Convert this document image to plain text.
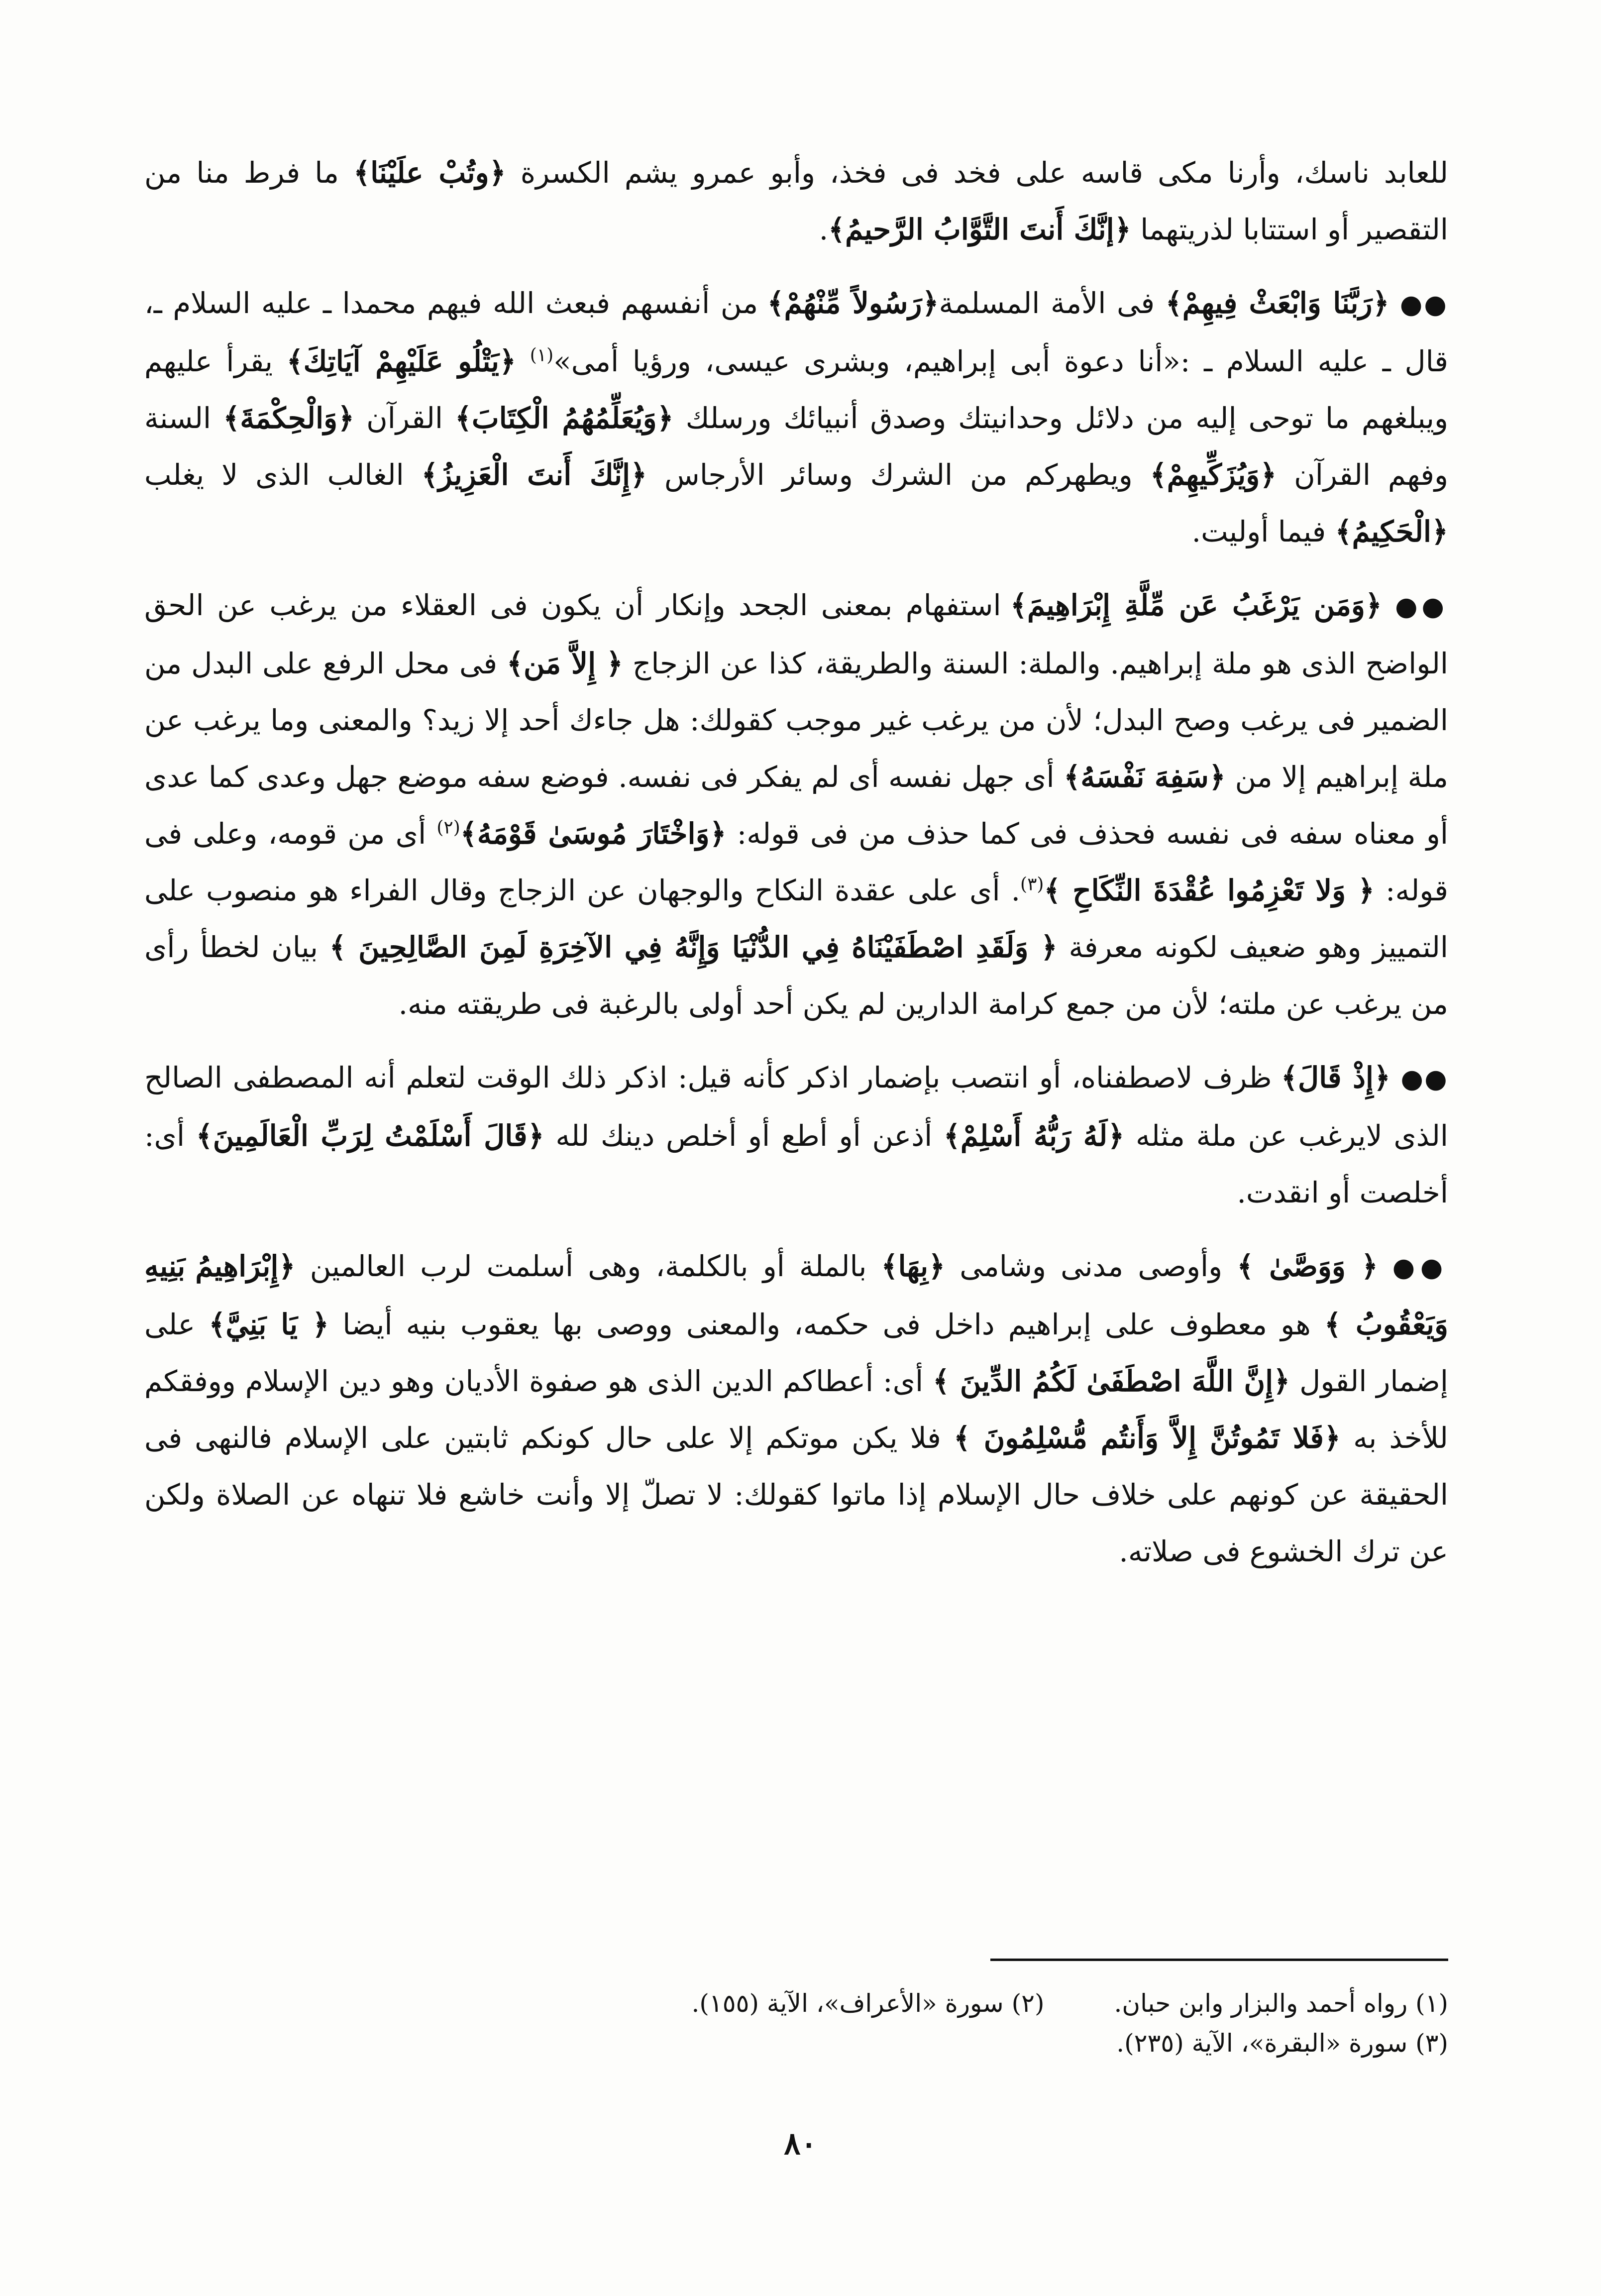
للعابد ناسك، وأرنا مكى قاسه على فخد فى فخذ، وأبو عمرو يشم الكسرة ﴿وتُبْ علَيْنَا﴾ ما فرط منا من التقصير أو استتابا لذريتهما ﴿إنَّكَ أَنتَ التَّوَّابُ الرَّحيمُ﴾.

●● ﴿رَبَّنَا وَابْعَثْ فِيهِمْ﴾ فى الأمة المسلمة﴿رَسُولاً مِّنْهُمْ﴾ من أنفسهم فبعث الله فيهم محمدا ـ عليه السلام ـ، قال ـ عليه السلام ـ :«أنا دعوة أبى إبراهيم، وبشرى عيسى، ورؤيا أمى»$^{(١)}$ ﴿يَتْلُو عَلَيْهِمْ آيَاتِكَ﴾ يقرأ عليهم ويبلغهم ما توحى إليه من دلائل وحدانيتك وصدق أنبيائك ورسلك ﴿وَيُعَلِّمُهُمُ الْكِتَابَ﴾ القرآن ﴿وَالْحِكْمَةَ﴾ السنة وفهم القرآن ﴿وَيُزَكِّيهِمْ﴾ ويطهركم من الشرك وسائر الأرجاس ﴿إِنَّكَ أَنتَ الْعَزِيزُ﴾ الغالب الذى لا يغلب ﴿الْحَكِيمُ﴾ فيما أوليت.

●● ﴿وَمَن يَرْغَبُ عَن مِّلَّةِ إِبْرَاهِيمَ﴾ استفهام بمعنى الجحد وإنكار أن يكون فى العقلاء من يرغب عن الحق الواضح الذى هو ملة إبراهيم. والملة: السنة والطريقة، كذا عن الزجاج ﴿ إِلاَّ مَن﴾ فى محل الرفع على البدل من الضمير فى يرغب وصح البدل؛ لأن من يرغب غير موجب كقولك: هل جاءك أحد إلا زيد؟ والمعنى وما يرغب عن ملة إبراهيم إلا من ﴿سَفِهَ نَفْسَهُ﴾ أى جهل نفسه أى لم يفكر فى نفسه. فوضع سفه موضع جهل وعدى كما عدى أو معناه سفه فى نفسه فحذف فى كما حذف من فى قوله: ﴿وَاخْتَارَ مُوسَىٰ قَوْمَهُ﴾$^{(٢)}$ أى من قومه، وعلى فى قوله: ﴿ وَلا تَعْزِمُوا عُقْدَةَ النِّكَاحِ ﴾$^{(٣)}$. أى على عقدة النكاح والوجهان عن الزجاج وقال الفراء هو منصوب على التمييز وهو ضعيف لكونه معرفة ﴿ وَلَقَدِ اصْطَفَيْنَاهُ فِي الدُّنْيَا وَإِنَّهُ فِي الآخِرَةِ لَمِنَ الصَّالِحِينَ ﴾ بيان لخطأ رأى من يرغب عن ملته؛ لأن من جمع كرامة الدارين لم يكن أحد أولى بالرغبة فى طريقته منه.

●● ﴿إِذْ قَالَ﴾ ظرف لاصطفناه، أو انتصب بإضمار اذكر كأنه قيل: اذكر ذلك الوقت لتعلم أنه المصطفى الصالح الذى لايرغب عن ملة مثله ﴿لَهُ رَبُّهُ أَسْلِمْ﴾ أذعن أو أطع أو أخلص دينك لله ﴿قَالَ أَسْلَمْتُ لِرَبِّ الْعَالَمِينَ﴾ أى: أخلصت أو انقدت.

●● ﴿ وَوَصَّىٰ ﴾ وأوصى مدنى وشامى ﴿بِهَا﴾ بالملة أو بالكلمة، وهى أسلمت لرب العالمين ﴿إِبْرَاهِيمُ بَنِيهِ وَيَعْقُوبُ ﴾ هو معطوف على إبراهيم داخل فى حكمه، والمعنى ووصى بها يعقوب بنيه أيضا ﴿ يَا بَنِيَّ﴾ على إضمار القول ﴿إِنَّ اللَّهَ اصْطَفَىٰ لَكُمُ الدِّينَ ﴾ أى: أعطاكم الدين الذى هو صفوة الأديان وهو دين الإسلام ووفقكم للأخذ به ﴿فَلا تَمُوتُنَّ إِلاَّ وَأَنتُم مُّسْلِمُونَ ﴾ فلا يكن موتكم إلا على حال كونكم ثابتين على الإسلام فالنهى فى الحقيقة عن كونهم على خلاف حال الإسلام إذا ماتوا كقولك: لا تصلّ إلا وأنت خاشع فلا تنهاه عن الصلاة ولكن عن ترك الخشوع فى صلاته.

(١) رواه أحمد والبزار وابن حبان.
(٢) سورة «الأعراف»، الآية (١٥٥).
(٣) سورة «البقرة»، الآية (٢٣٥).
٨٠
